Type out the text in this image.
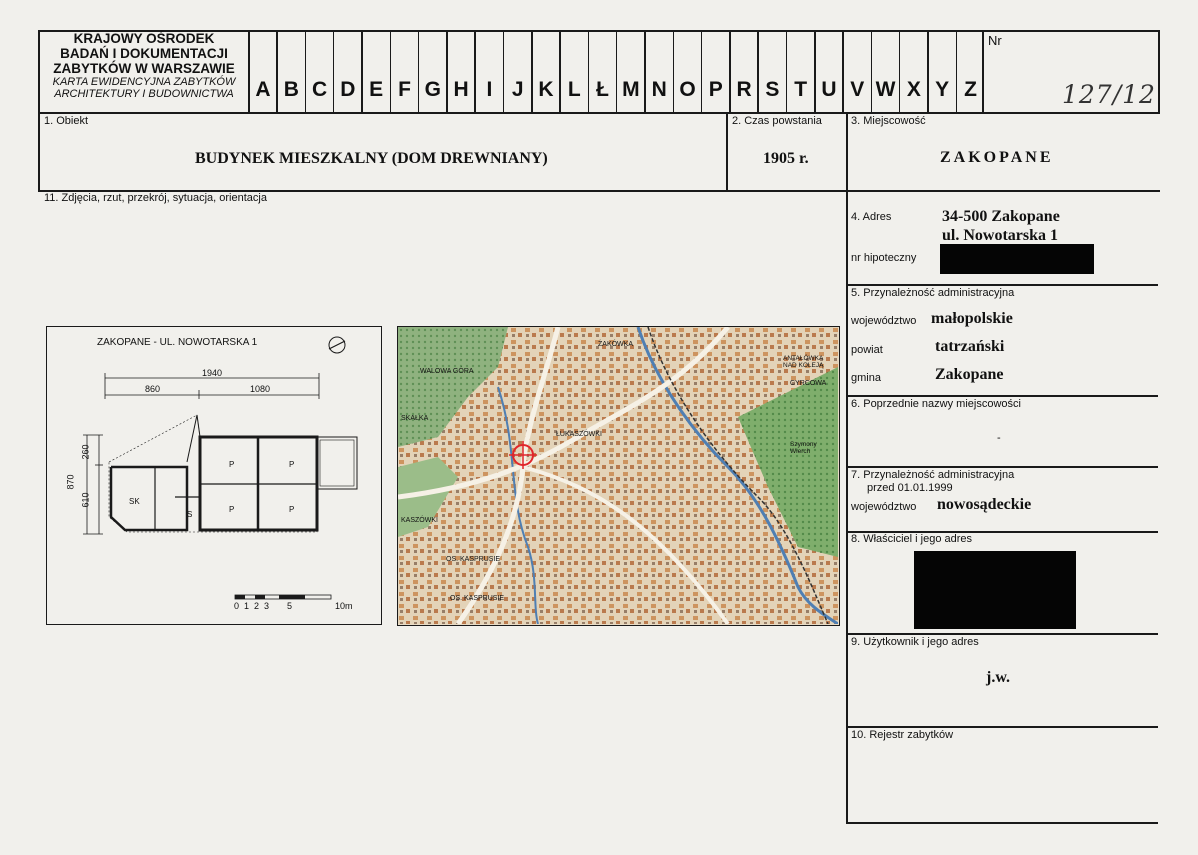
KRAJOWY OŚRODEK
BADAŃ I DOKUMENTACJI
ZABYTKÓW W WARSZAWIE
KARTA EWIDENCYJNA ZABYTKÓW
ARCHITEKTURY I BUDOWNICTWA	A B C D E F G H I J K L Ł M N O P R S T U V W X Y Z
Nr
127/12
1. Obiekt
BUDYNEK MIESZKALNY (DOM DREWNIANY)
2. Czas powstania
1905 r.
3. Miejscowość
ZAKOPANE
11. Zdjęcia, rzut, przekrój, sytuacja, orientacja
4. Adres	34-500 Zakopane
ul. Nowotarska 1
nr hipoteczny
5. Przynależność administracyjna
województwo małopolskie
powiat	tatrzański
gmina	Zakopane
6. Poprzednie nazwy miejscowości
-
7. Przynależność administracyjna
przed 01.01.1999
województwo nowosądeckie
8. Właściciel i jego adres
9. Użytkownik i jego adres
j.w.
10. Rejestr zabytków
ZAKOPANE - UL. NOWOTARSKA 1
1940
860	1080
870
260
610
P	P
P	P
SK
S
0 1 2 3 5	10m
WALOWA GÓRA
SKAŁKA
KASZÓWKI
OS. KASPRUSIE
OS. KASPRUSIE
ŻAKÓWKA
ANTAŁÓWKA NAD KOLEJĄ
CYRCOWA
Szymony Wierch
ŁUKASZÓWKI
